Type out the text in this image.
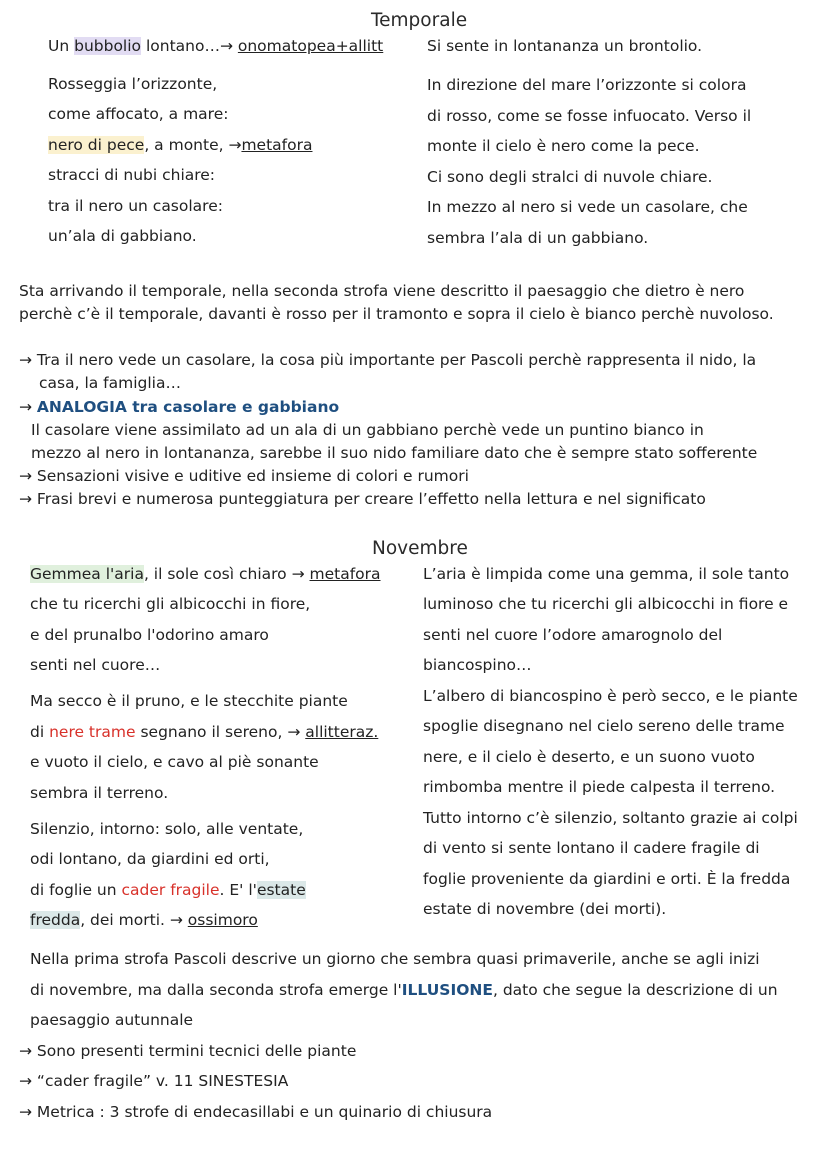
Temporale
Un bubbolio lontano…→ onomatopea+allitt
Rosseggia l’orizzonte,
come affocato, a mare:
nero di pece, a monte, →metafora
stracci di nubi chiare:
tra il nero un casolare:
un’ala di gabbiano.
Si sente in lontananza un brontolio.
In direzione del mare l’orizzonte si colora
di rosso, come se fosse infuocato. Verso il
monte il cielo è nero come la pece.
Ci sono degli stralci di nuvole chiare.
In mezzo al nero si vede un casolare, che
sembra l’ala di un gabbiano.
Sta arrivando il temporale, nella seconda strofa viene descritto il paesaggio che dietro è nero
perchè c’è il temporale, davanti è rosso per il tramonto e sopra il cielo è bianco perchè nuvoloso.
→ Tra il nero vede un casolare, la cosa più importante per Pascoli perchè rappresenta il nido, la
casa, la famiglia…
→ ANALOGIA tra casolare e gabbiano
Il casolare viene assimilato ad un ala di un gabbiano perchè vede un puntino bianco in
mezzo al nero in lontananza, sarebbe il suo nido familiare dato che è sempre stato sofferente
→ Sensazioni visive e uditive ed insieme di colori e rumori
→ Frasi brevi e numerosa punteggiatura per creare l’effetto nella lettura e nel significato
Novembre
Gemmea l'aria, il sole così chiaro → metafora
che tu ricerchi gli albicocchi in fiore,
e del prunalbo l'odorino amaro
senti nel cuore…
Ma secco è il pruno, e le stecchite piante
di nere trame segnano il sereno, → allitteraz.
e vuoto il cielo, e cavo al piè sonante
sembra il terreno.
Silenzio, intorno: solo, alle ventate,
odi lontano, da giardini ed orti,
di foglie un cader fragile. E' l'estate
fredda, dei morti. → ossimoro
L’aria è limpida come una gemma, il sole tanto
luminoso che tu ricerchi gli albicocchi in fiore e
senti nel cuore l’odore amarognolo del
biancospino…
L’albero di biancospino è però secco, e le piante
spoglie disegnano nel cielo sereno delle trame
nere, e il cielo è deserto, e un suono vuoto
rimbomba mentre il piede calpesta il terreno.
Tutto intorno c’è silenzio, soltanto grazie ai colpi
di vento si sente lontano il cadere fragile di
foglie proveniente da giardini e orti. È la fredda
estate di novembre (dei morti).
Nella prima strofa Pascoli descrive un giorno che sembra quasi primaverile, anche se agli inizi
di novembre, ma dalla seconda strofa emerge l'ILLUSIONE, dato che segue la descrizione di un
paesaggio autunnale
→ Sono presenti termini tecnici delle piante
→ “cader fragile” v. 11 SINESTESIA
→ Metrica : 3 strofe di endecasillabi e un quinario di chiusura
